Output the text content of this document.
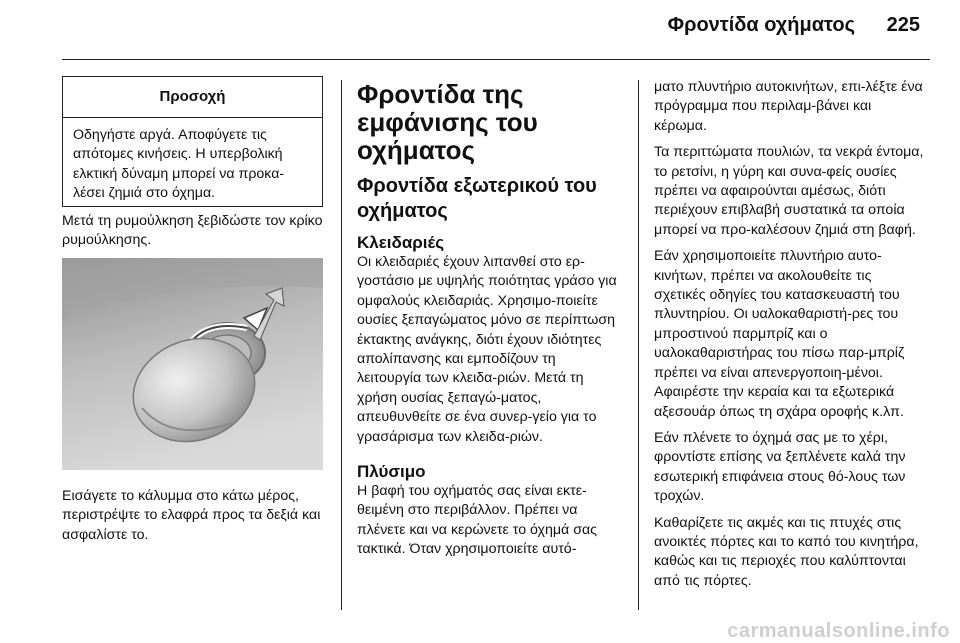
Φροντίδα οχήματος	225
Προσοχή
Οδηγήστε αργά. Αποφύγετε τις απότομες κινήσεις. Η υπερβολική ελκτική δύναμη μπορεί να προκα-λέσει ζημιά στο όχημα.

Μετά τη ρυμούλκηση ξεβιδώστε τον κρίκο ρυμούλκησης.

Εισάγετε το κάλυμμα στο κάτω μέρος, περιστρέψτε το ελαφρά προς τα δεξιά και ασφαλίστε το.

Φροντίδα της εμφάνισης του οχήματος
Φροντίδα εξωτερικού του οχήματος
Κλειδαριές

Οι κλειδαριές έχουν λιπανθεί στο ερ-γοστάσιο με υψηλής ποιότητας γράσο για ομφαλούς κλειδαριάς. Χρησιμο-ποιείτε ουσίες ξεπαγώματος μόνο σε περίπτωση έκτακτης ανάγκης, διότι έχουν ιδιότητες απολίπανσης και εμποδίζουν τη λειτουργία των κλειδα-ριών. Μετά τη χρήση ουσίας ξεπαγώ-ματος, απευθυνθείτε σε ένα συνερ-γείο για το γρασάρισμα των κλειδα-ριών.

Πλύσιμο

Η βαφή του οχήματός σας είναι εκτε-θειμένη στο περιβάλλον. Πρέπει να πλένετε και να κερώνετε το όχημά σας τακτικά. Όταν χρησιμοποιείτε αυτό-

ματο πλυντήριο αυτοκινήτων, επι-λέξτε ένα πρόγραμμα που περιλαμ-βάνει και κέρωμα.

Τα περιττώματα πουλιών, τα νεκρά έντομα, το ρετσίνι, η γύρη και συνα-φείς ουσίες πρέπει να αφαιρούνται αμέσως, διότι περιέχουν επιβλαβή συστατικά τα οποία μπορεί να προ-καλέσουν ζημιά στη βαφή.

Εάν χρησιμοποιείτε πλυντήριο αυτο-κινήτων, πρέπει να ακολουθείτε τις σχετικές οδηγίες του κατασκευαστή του πλυντηρίου. Οι υαλοκαθαριστή-ρες του μπροστινού παρμπρίζ και ο υαλοκαθαριστήρας του πίσω παρ-μπρίζ πρέπει να είναι απενεργοποιη-μένοι. Αφαιρέστε την κεραία και τα εξωτερικά αξεσουάρ όπως τη σχάρα οροφής κ.λπ.

Εάν πλένετε το όχημά σας με το χέρι, φροντίστε επίσης να ξεπλένετε καλά την εσωτερική επιφάνεια στους θό-λους των τροχών.

Καθαρίζετε τις ακμές και τις πτυχές στις ανοικτές πόρτες και το καπό του κινητήρα, καθώς και τις περιοχές που καλύπτονται από τις πόρτες.

carmanualsonline.info
